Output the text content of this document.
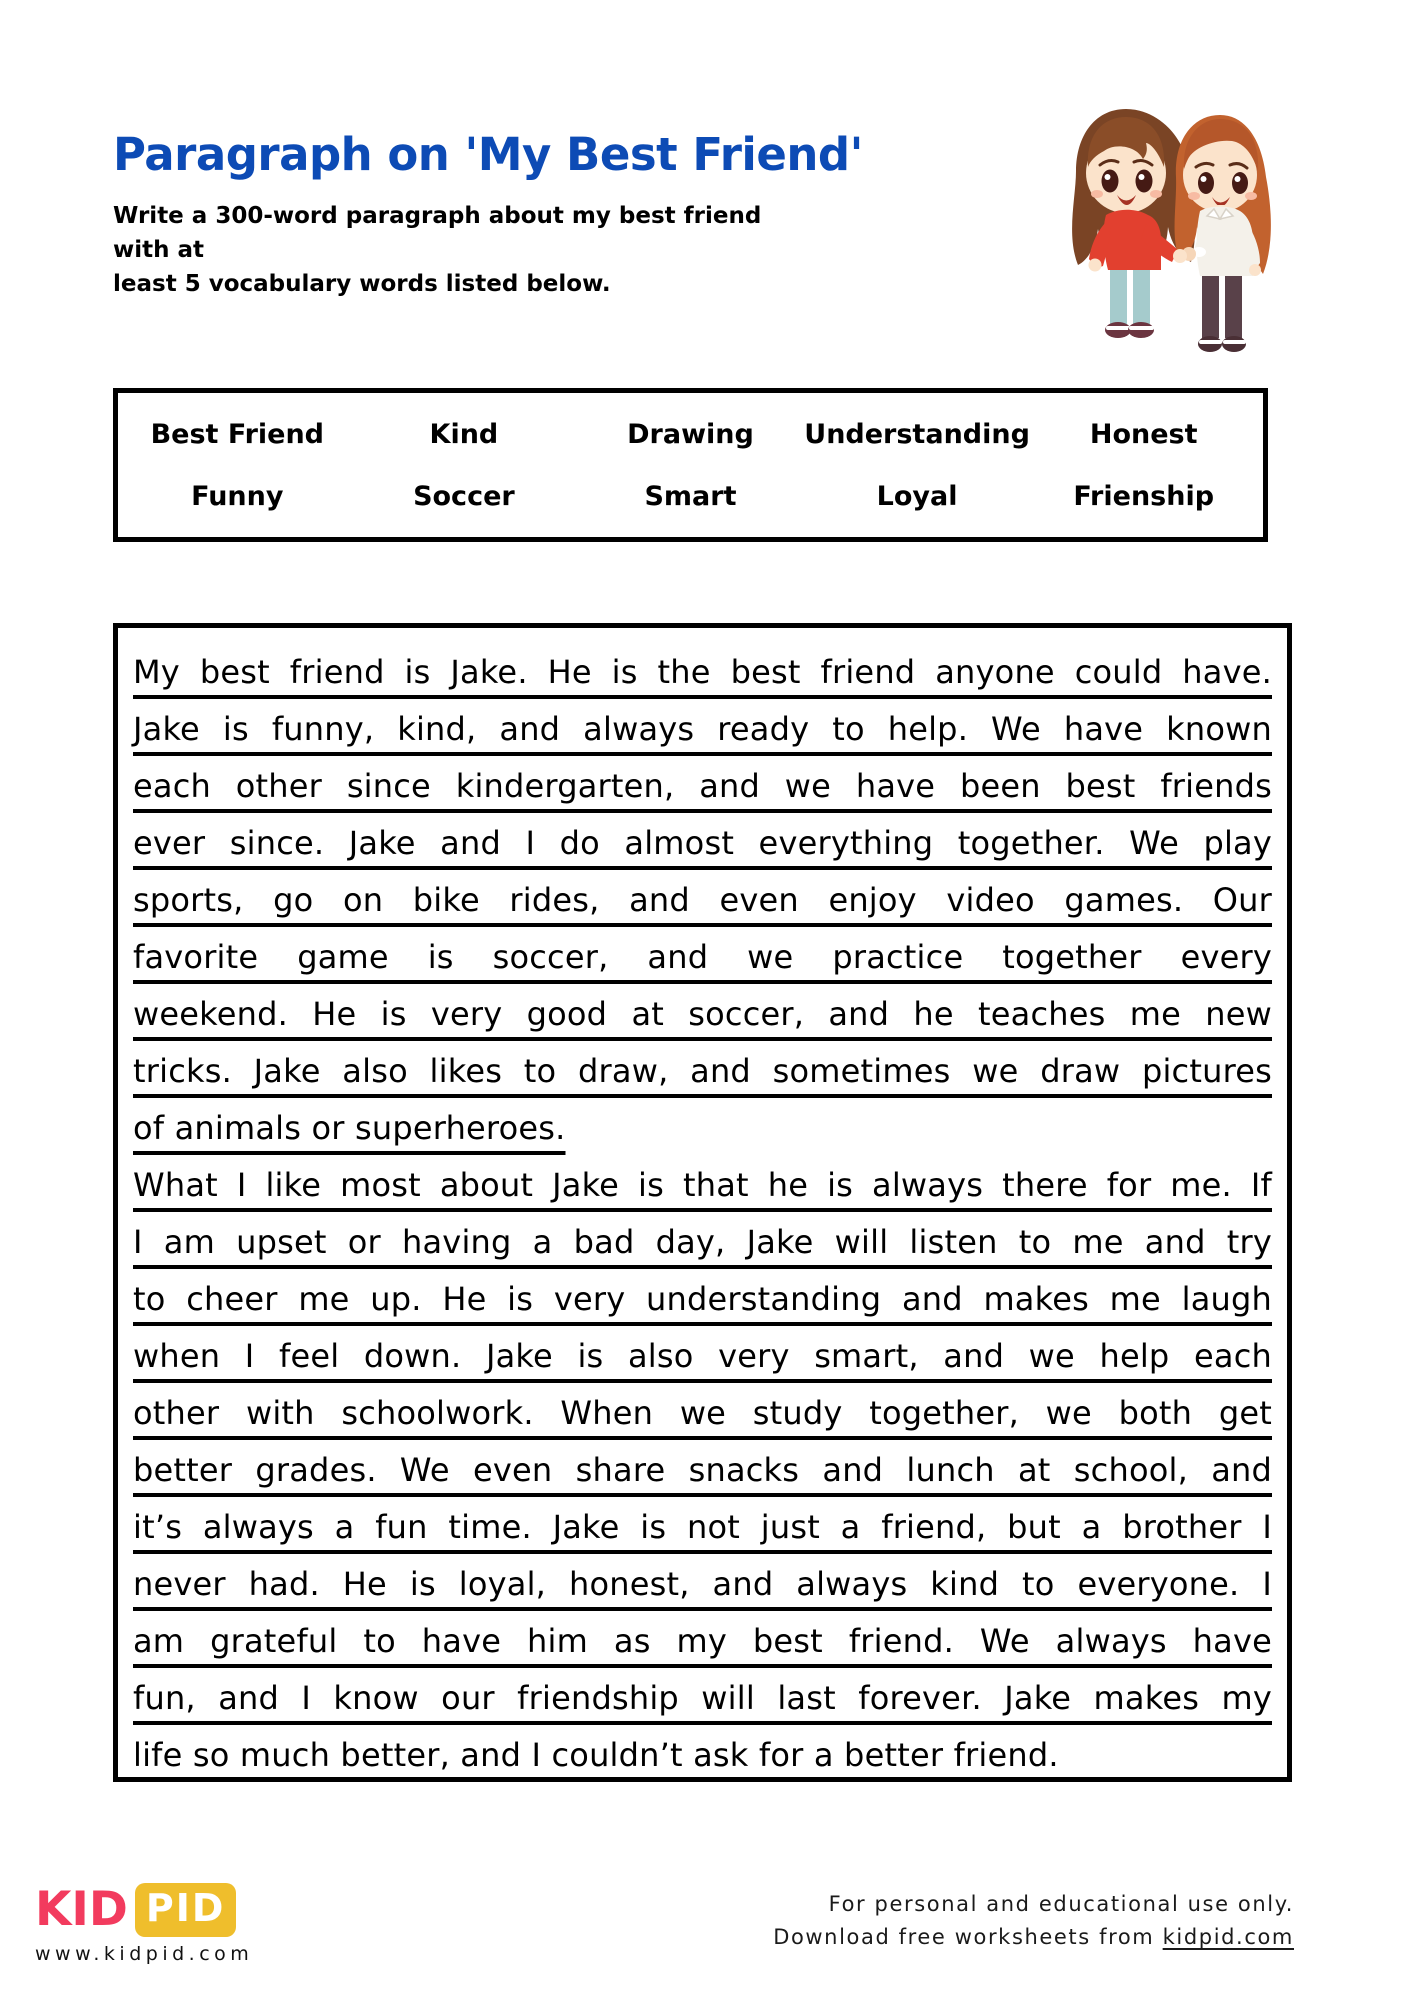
Paragraph on 'My Best Friend'

Write a 300-word paragraph about my best friend with at
least 5 vocabulary words listed below.

Best Friend	Kind	Drawing	Understanding	Honest
Funny	Soccer	Smart	Loyal	Frienship
My best friend is Jake. He is the best friend anyone could have.
Jake is funny, kind, and always ready to help. We have known
each other since kindergarten, and we have been best friends
ever since. Jake and I do almost everything together. We play
sports, go on bike rides, and even enjoy video games. Our
favorite game is soccer, and we practice together every
weekend. He is very good at soccer, and he teaches me new
tricks. Jake also likes to draw, and sometimes we draw pictures
of animals or superheroes.
What I like most about Jake is that he is always there for me. If
I am upset or having a bad day, Jake will listen to me and try
to cheer me up. He is very understanding and makes me laugh
when I feel down. Jake is also very smart, and we help each
other with schoolwork. When we study together, we both get
better grades. We even share snacks and lunch at school, and
it’s always a fun time. Jake is not just a friend, but a brother I
never had. He is loyal, honest, and always kind to everyone. I
am grateful to have him as my best friend. We always have
fun, and I know our friendship will last forever. Jake makes my
life so much better, and I couldn’t ask for a better friend.
KID PID
www.kidpid.com
For personal and educational use only.
Download free worksheets from kidpid.com
